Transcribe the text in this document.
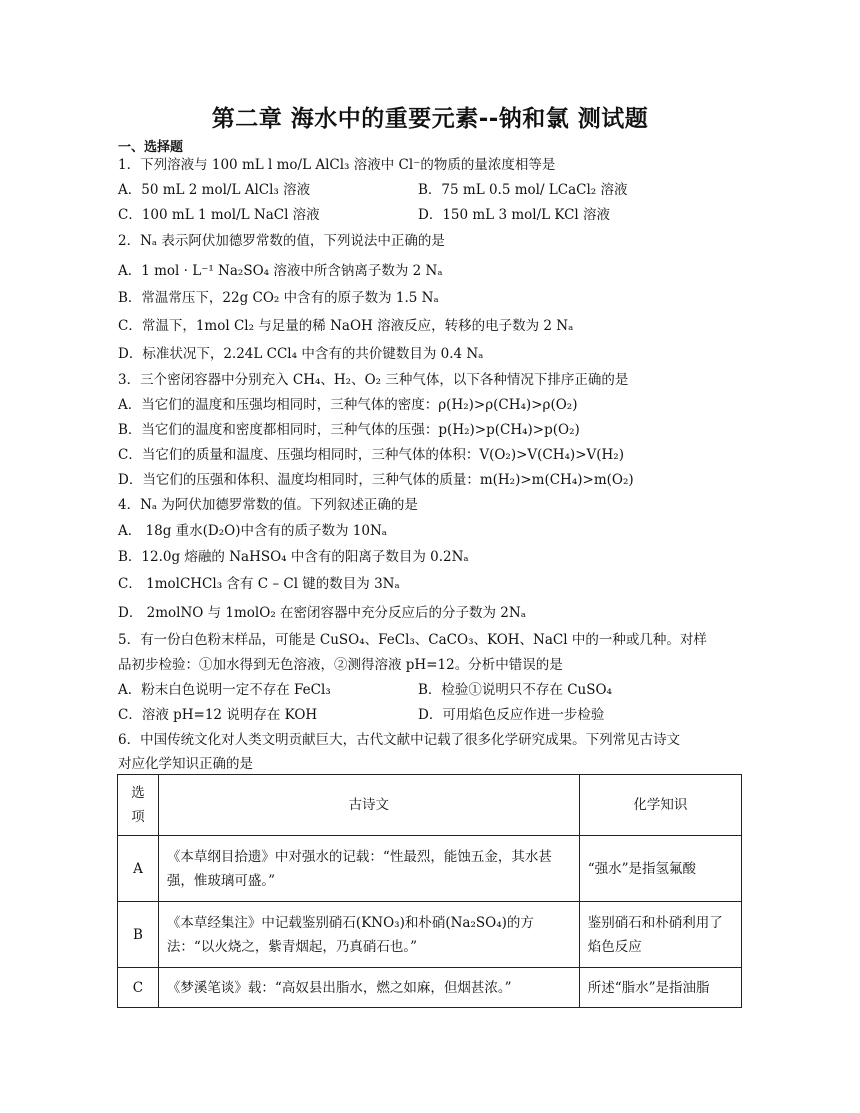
第二章 海水中的重要元素--钠和氯 测试题
一、选择题
1．下列溶液与 100 mL l mo/L AlCl₃ 溶液中 Cl⁻的物质的量浓度相等是
A．50 mL 2 mol/L AlCl₃ 溶液	B．75 mL 0.5 mol/ LCaCl₂ 溶液
C．100 mL 1 mol/L NaCl 溶液	D．150 mL 3 mol/L KCl 溶液
2．Nₐ 表示阿伏加德罗常数的值，下列说法中正确的是
A．1 mol · L⁻¹ Na₂SO₄ 溶液中所含钠离子数为 2 Nₐ
B．常温常压下，22g CO₂ 中含有的原子数为 1.5 Nₐ
C．常温下，1mol Cl₂ 与足量的稀 NaOH 溶液反应，转移的电子数为 2 Nₐ
D．标准状况下，2.24L CCl₄ 中含有的共价键数目为 0.4 Nₐ
3．三个密闭容器中分别充入 CH₄、H₂、O₂ 三种气体，以下各种情况下排序正确的是
A．当它们的温度和压强均相同时，三种气体的密度：ρ(H₂)>ρ(CH₄)>ρ(O₂)
B．当它们的温度和密度都相同时，三种气体的压强：p(H₂)>p(CH₄)>p(O₂)
C．当它们的质量和温度、压强均相同时，三种气体的体积：V(O₂)>V(CH₄)>V(H₂)
D．当它们的压强和体积、温度均相同时，三种气体的质量：m(H₂)>m(CH₄)>m(O₂)
4．Nₐ 为阿伏加德罗常数的值。下列叙述正确的是
A． 18g 重水(D₂O)中含有的质子数为 10Nₐ
B．12.0g 熔融的 NaHSO₄ 中含有的阳离子数目为 0.2Nₐ
C． 1molCHCl₃ 含有 C – Cl 键的数目为 3Nₐ
D． 2molNO 与 1molO₂ 在密闭容器中充分反应后的分子数为 2Nₐ
5．有一份白色粉末样品，可能是 CuSO₄、FeCl₃、CaCO₃、KOH、NaCl 中的一种或几种。对样
品初步检验：①加水得到无色溶液，②测得溶液 pH=12。分析中错误的是
A．粉末白色说明一定不存在 FeCl₃	B．检验①说明只不存在 CuSO₄
C．溶液 pH=12 说明存在 KOH	D．可用焰色反应作进一步检验
6．中国传统文化对人类文明贡献巨大，古代文献中记载了很多化学研究成果。下列常见古诗文
对应化学知识正确的是
选项	古诗文	化学知识
A	《本草纲目拾遗》中对强水的记载：“性最烈，能蚀五金，其水甚强，惟玻璃可盛。”	“强水”是指氢氟酸
B	《本草经集注》中记载鉴别硝石(KNO₃)和朴硝(Na₂SO₄)的方法：“以火烧之，紫青烟起，乃真硝石也。”	鉴别硝石和朴硝利用了焰色反应
C	《梦溪笔谈》载：“高奴县出脂水，燃之如麻，但烟甚浓。”	所述“脂水”是指油脂
